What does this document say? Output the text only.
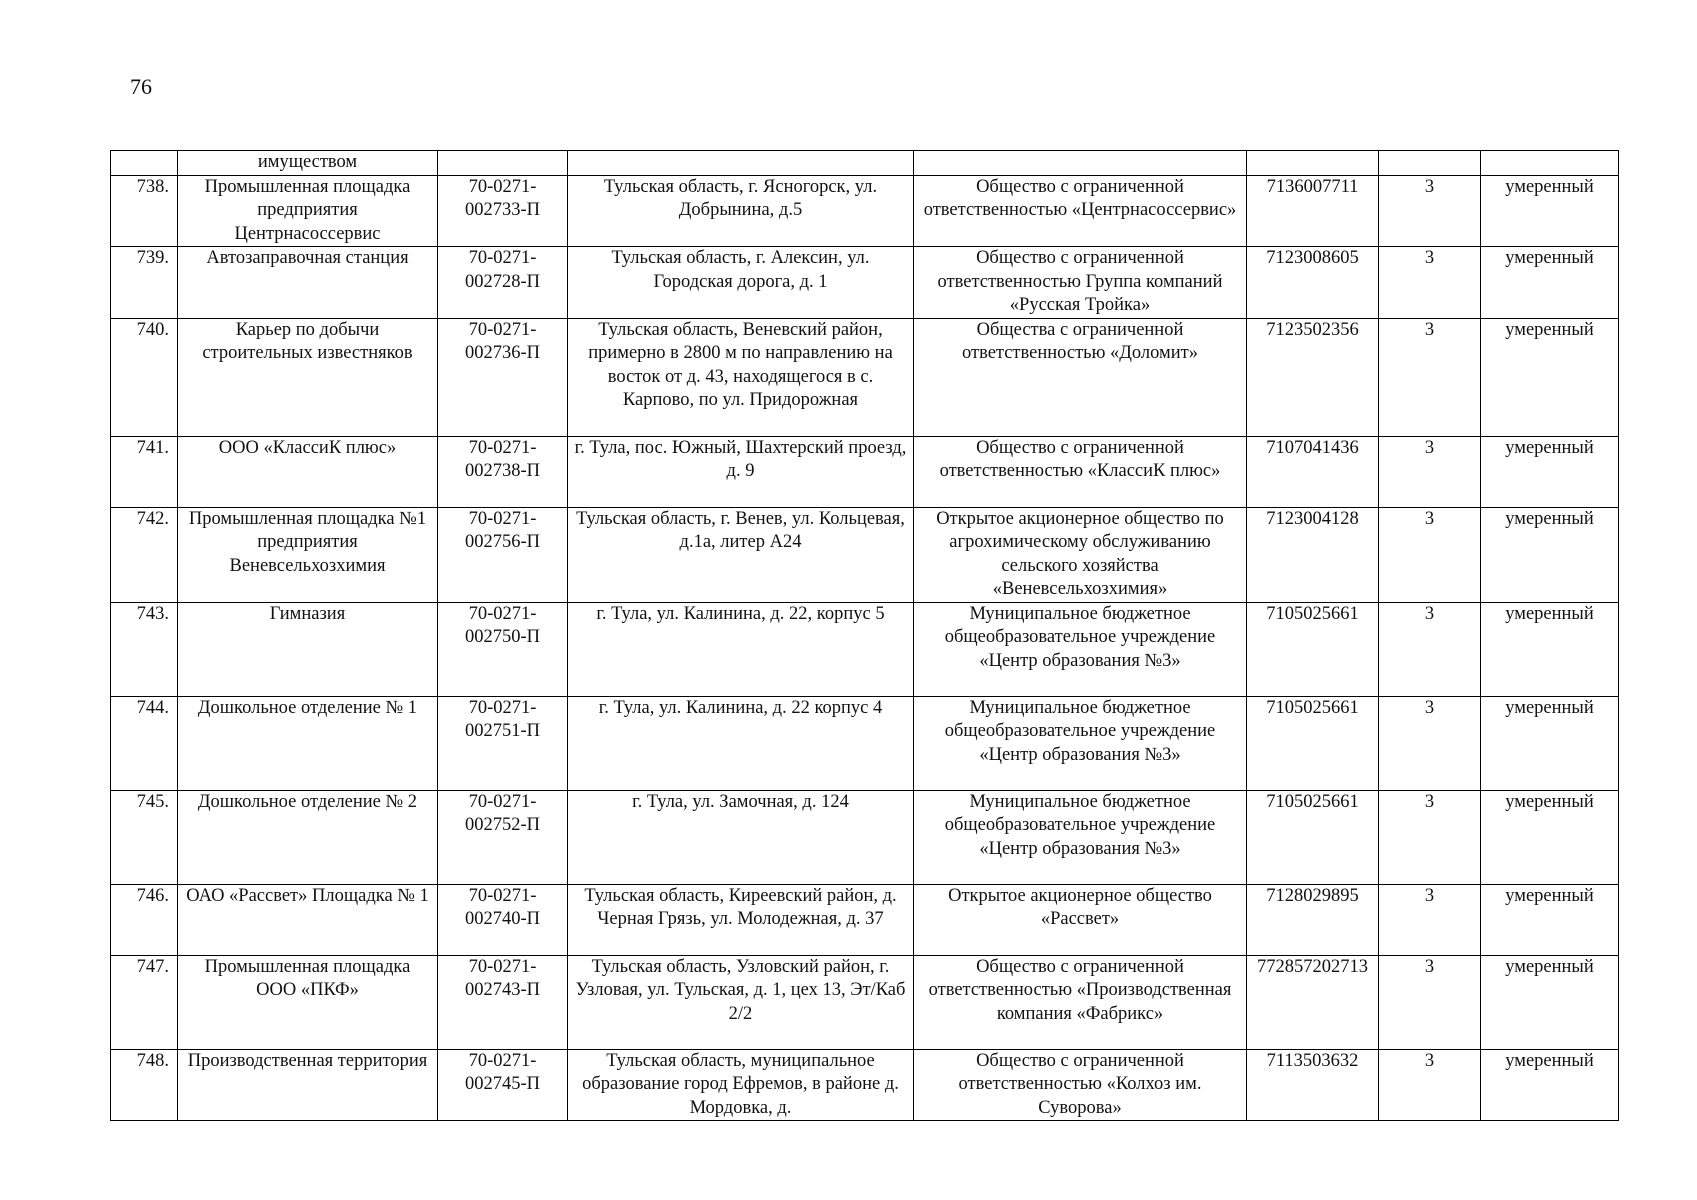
76
	имуществом						
738.	Промышленная площадка предприятия Центрнасоссервис	70-0271-002733-П	Тульская область, г. Ясногорск, ул. Добрынина, д.5	Общество с ограниченной ответственностью «Центрнасоссервис»	7136007711	3	умеренный
739.	Автозаправочная станция	70-0271-002728-П	Тульская область, г. Алексин, ул. Городская дорога, д. 1	Общество с ограниченной ответственностью Группа компаний «Русская Тройка»	7123008605	3	умеренный
740.	Карьер по добычи строительных известняков	70-0271-002736-П	Тульская область, Веневский район, примерно в 2800 м по направлению на восток от д. 43, находящегося в с. Карпово, по ул. Придорожная	Общества с ограниченной ответственностью «Доломит»	7123502356	3	умеренный
741.	ООО «КлассиК плюс»	70-0271-002738-П	г. Тула, пос. Южный, Шахтерский проезд, д. 9	Общество с ограниченной ответственностью «КлассиК плюс»	7107041436	3	умеренный
742.	Промышленная площадка №1 предприятия Веневсельхозхимия	70-0271-002756-П	Тульская область, г. Венев, ул. Кольцевая, д.1а, литер А24	Открытое акционерное общество по агрохимическому обслуживанию сельского хозяйства «Веневсельхозхимия»	7123004128	3	умеренный
743.	Гимназия	70-0271-002750-П	г. Тула, ул. Калинина, д. 22, корпус 5	Муниципальное бюджетное общеобразовательное учреждение «Центр образования №3»	7105025661	3	умеренный
744.	Дошкольное отделение № 1	70-0271-002751-П	г. Тула, ул. Калинина, д. 22 корпус 4	Муниципальное бюджетное общеобразовательное учреждение «Центр образования №3»	7105025661	3	умеренный
745.	Дошкольное отделение № 2	70-0271-002752-П	г. Тула, ул. Замочная, д. 124	Муниципальное бюджетное общеобразовательное учреждение «Центр образования №3»	7105025661	3	умеренный
746.	ОАО «Рассвет» Площадка № 1	70-0271-002740-П	Тульская область, Киреевский район, д. Черная Грязь, ул. Молодежная, д. 37	Открытое акционерное общество «Рассвет»	7128029895	3	умеренный
747.	Промышленная площадка ООО «ПКФ»	70-0271-002743-П	Тульская область, Узловский район, г. Узловая, ул. Тульская, д. 1, цех 13, Эт/Каб 2/2	Общество с ограниченной ответственностью «Производственная компания «Фабрикс»	772857202713	3	умеренный
748.	Производственная территория	70-0271-002745-П	Тульская область, муниципальное образование город Ефремов, в районе д. Мордовка, д.	Общество с ограниченной ответственностью «Колхоз им. Суворова»	7113503632	3	умеренный
